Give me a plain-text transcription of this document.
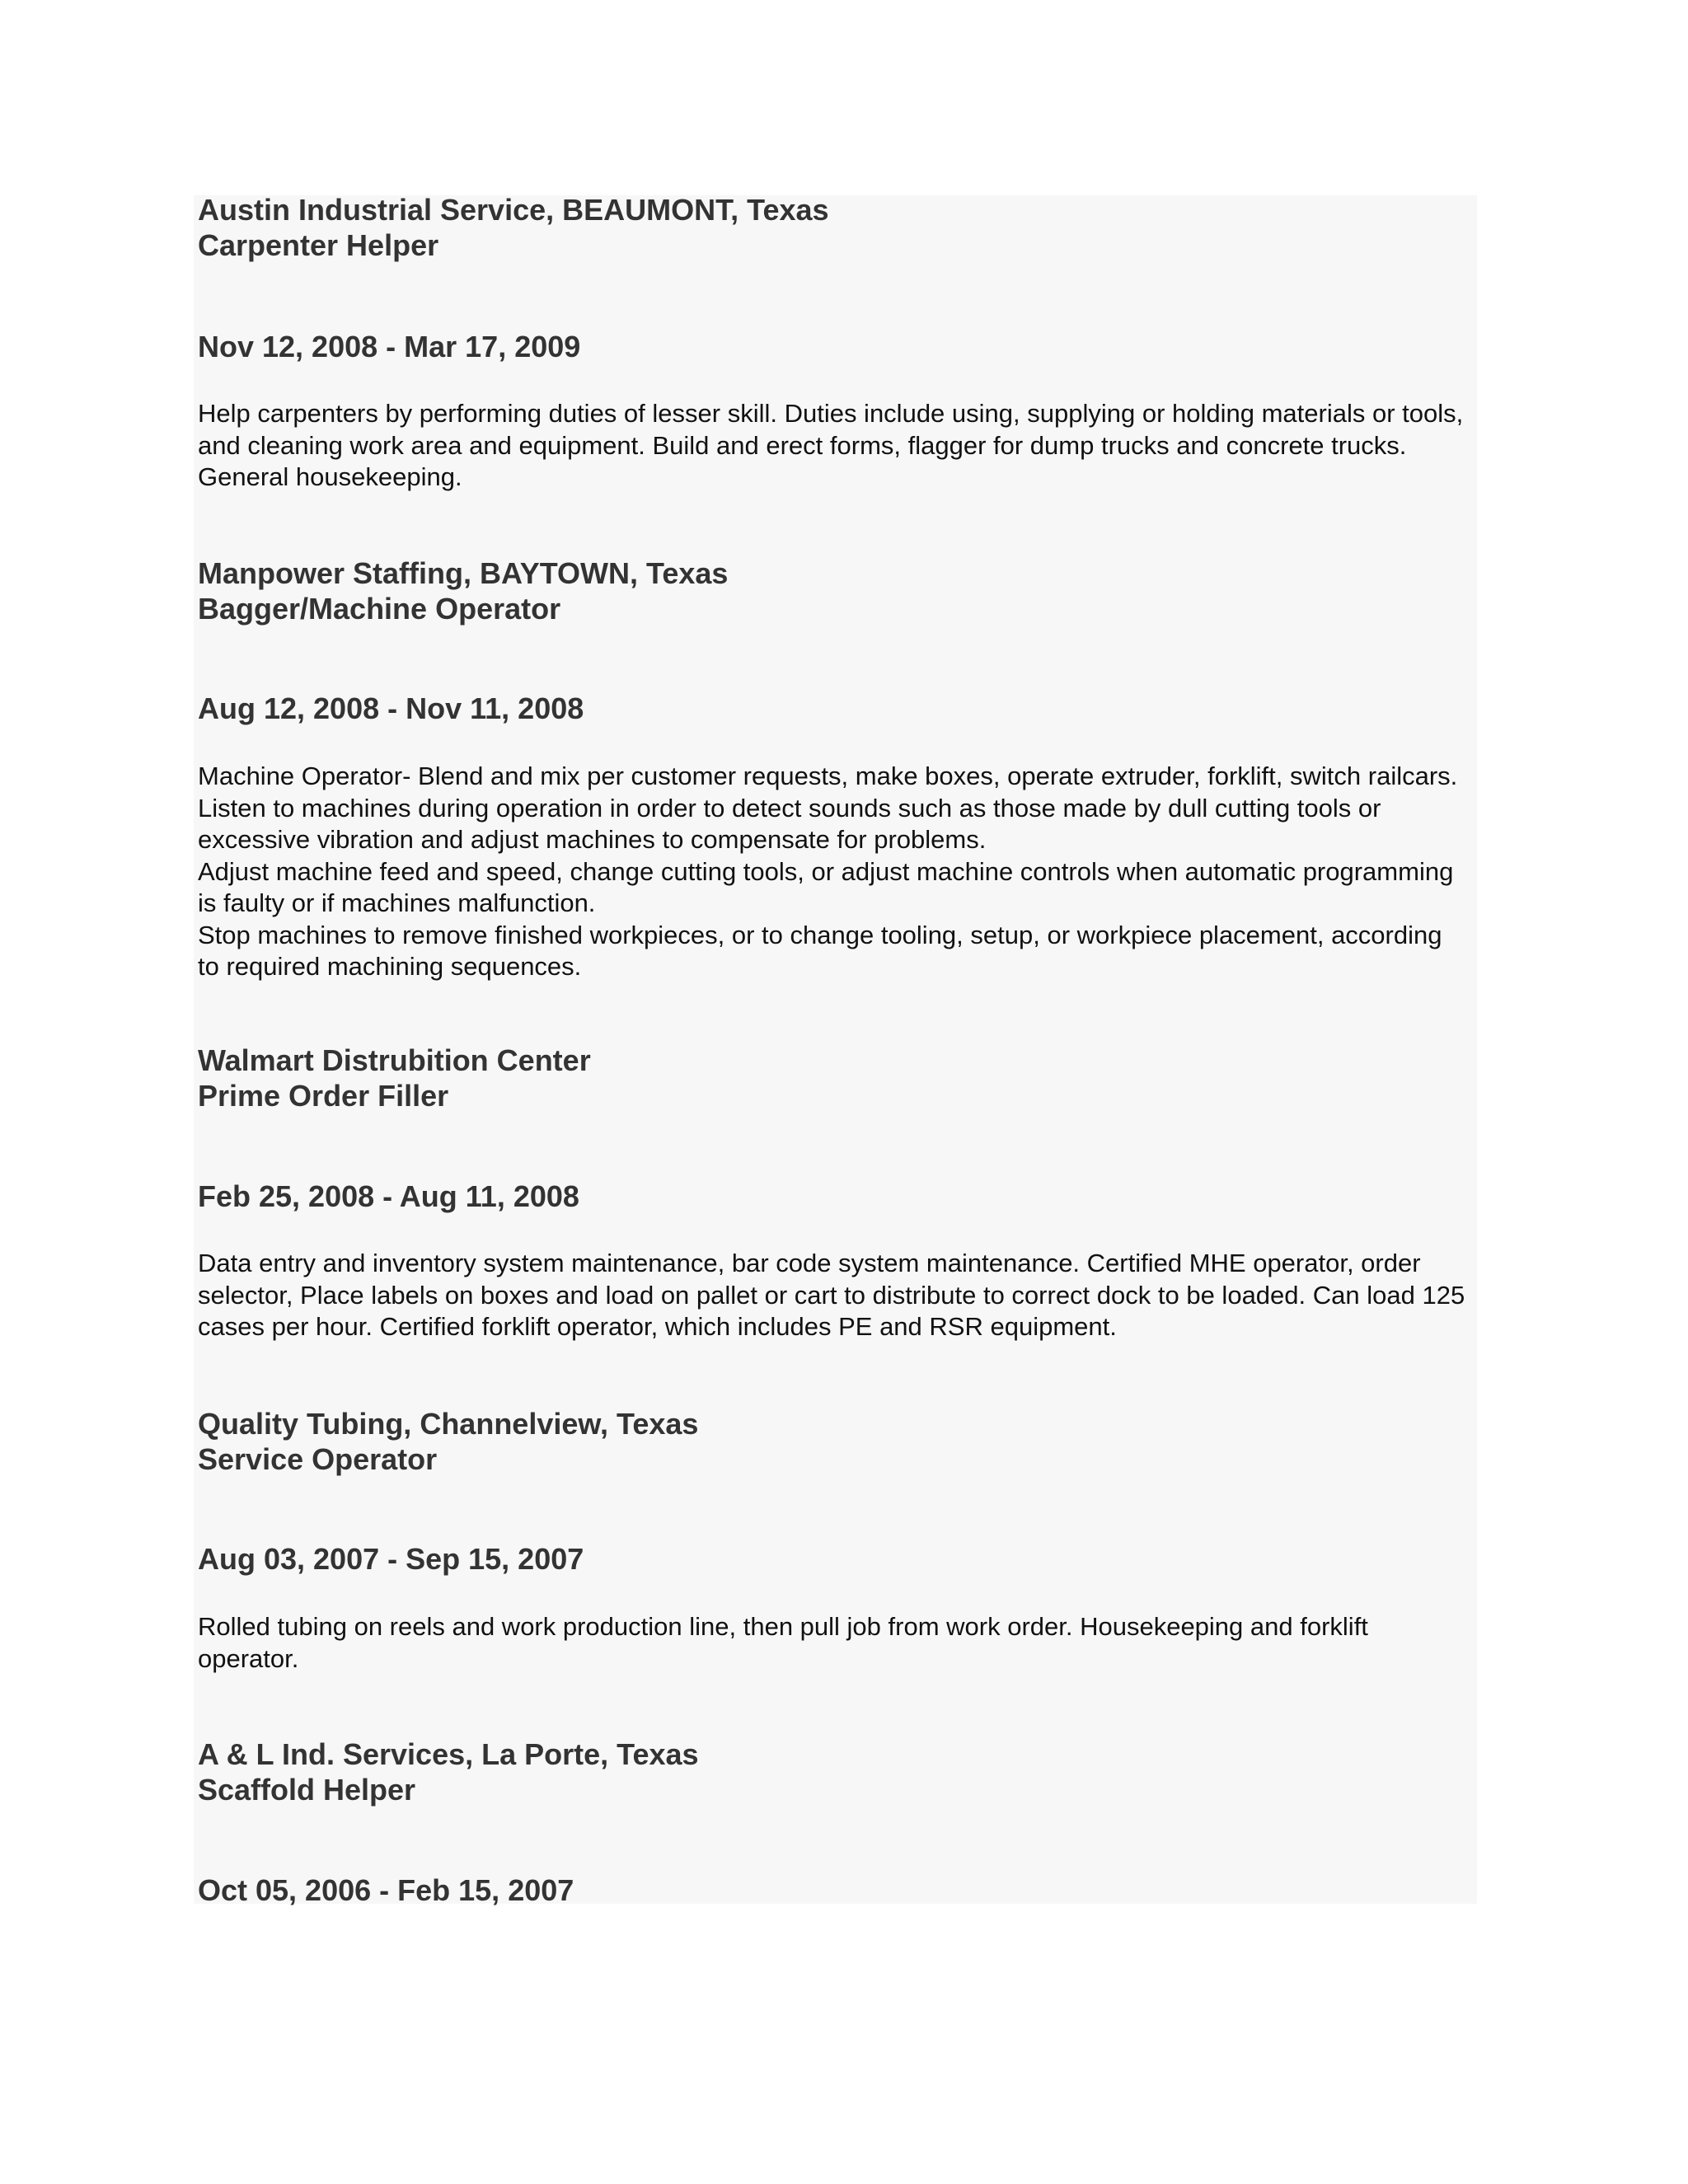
Austin Industrial Service, BEAUMONT, Texas
Carpenter Helper
Nov 12, 2008 - Mar 17, 2009

Help carpenters by performing duties of lesser skill. Duties include using, supplying or holding materials or tools, and cleaning work area and equipment. Build and erect forms, flagger for dump trucks and concrete trucks. General housekeeping.

Manpower Staffing, BAYTOWN, Texas
Bagger/Machine Operator
Aug 12, 2008 - Nov 11, 2008

Machine Operator- Blend and mix per customer requests, make boxes, operate extruder, forklift, switch railcars. Listen to machines during operation in order to detect sounds such as those made by dull cutting tools or excessive vibration and adjust machines to compensate for problems.

Adjust machine feed and speed, change cutting tools, or adjust machine controls when automatic programming is faulty or if machines malfunction.

Stop machines to remove finished workpieces, or to change tooling, setup, or workpiece placement, according to required machining sequences.

Walmart Distrubition Center
Prime Order Filler
Feb 25, 2008 - Aug 11, 2008

Data entry and inventory system maintenance, bar code system maintenance. Certified MHE operator, order selector, Place labels on boxes and load on pallet or cart to distribute to correct dock to be loaded. Can load 125 cases per hour. Certified forklift operator, which includes PE and RSR equipment.

Quality Tubing, Channelview, Texas
Service Operator
Aug 03, 2007 - Sep 15, 2007

Rolled tubing on reels and work production line, then pull job from work order. Housekeeping and forklift operator.

A & L Ind. Services, La Porte, Texas
Scaffold Helper
Oct 05, 2006 - Feb 15, 2007
